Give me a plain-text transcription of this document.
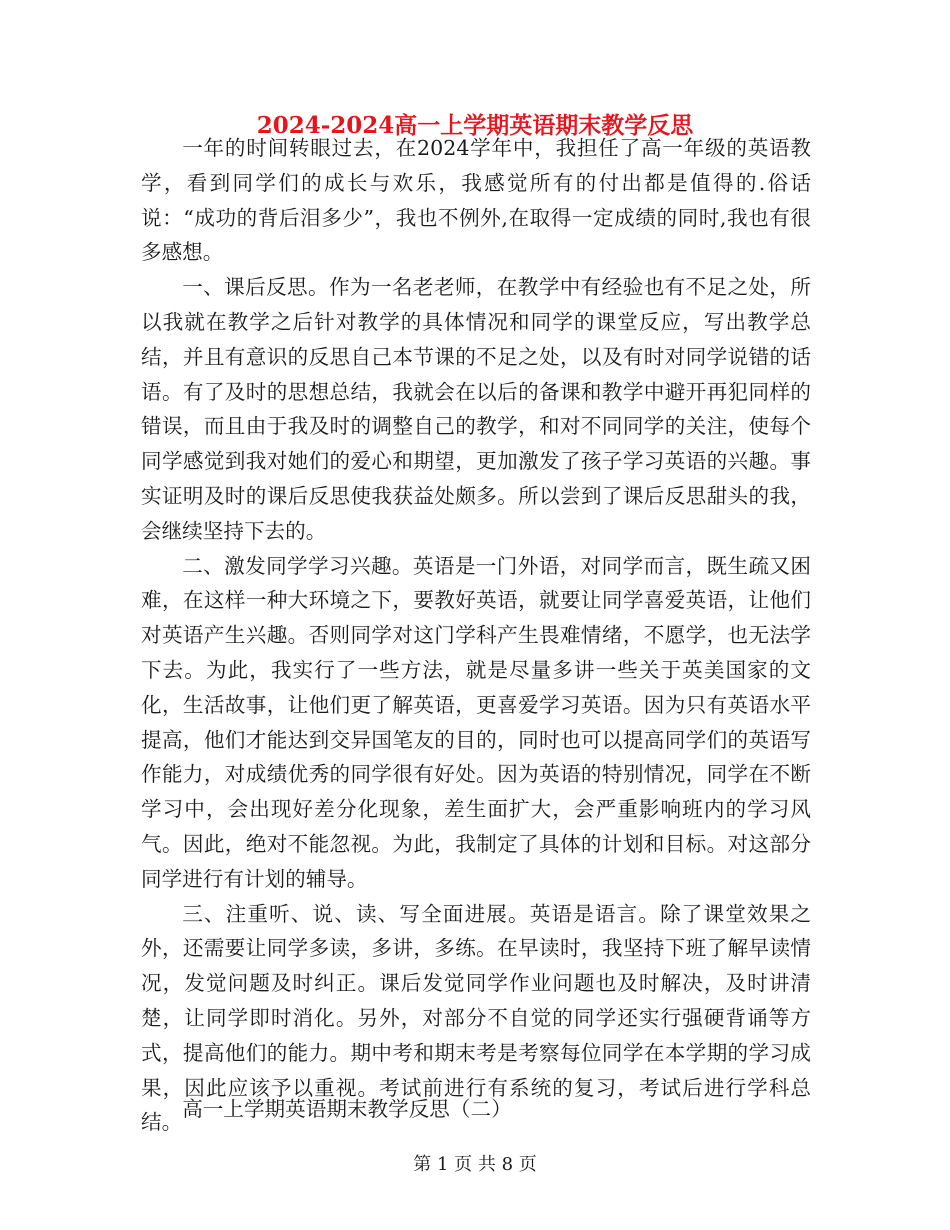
2024-2024高一上学期英语期末教学反思

一年的时间转眼过去，在2024学年中，我担任了高一年级的英语教学，看到同学们的成长与欢乐，我感觉所有的付出都是值得的.俗话说：“成功的背后泪多少”，我也不例外,在取得一定成绩的同时,我也有很多感想。

一、课后反思。作为一名老老师，在教学中有经验也有不足之处，所以我就在教学之后针对教学的具体情况和同学的课堂反应，写出教学总结，并且有意识的反思自己本节课的不足之处，以及有时对同学说错的话语。有了及时的思想总结，我就会在以后的备课和教学中避开再犯同样的错误，而且由于我及时的调整自己的教学，和对不同同学的关注，使每个同学感觉到我对她们的爱心和期望，更加激发了孩子学习英语的兴趣。事实证明及时的课后反思使我获益处颇多。所以尝到了课后反思甜头的我，会继续坚持下去的。

二、激发同学学习兴趣。英语是一门外语，对同学而言，既生疏又困难，在这样一种大环境之下，要教好英语，就要让同学喜爱英语，让他们对英语产生兴趣。否则同学对这门学科产生畏难情绪，不愿学，也无法学下去。为此，我实行了一些方法，就是尽量多讲一些关于英美国家的文化，生活故事，让他们更了解英语，更喜爱学习英语。因为只有英语水平提高，他们才能达到交异国笔友的目的，同时也可以提高同学们的英语写作能力，对成绩优秀的同学很有好处。因为英语的特别情况，同学在不断学习中，会出现好差分化现象，差生面扩大，会严重影响班内的学习风气。因此，绝对不能忽视。为此，我制定了具体的计划和目标。对这部分同学进行有计划的辅导。

三、注重听、说、读、写全面进展。英语是语言。除了课堂效果之外，还需要让同学多读，多讲，多练。在早读时，我坚持下班了解早读情况，发觉问题及时纠正。课后发觉同学作业问题也及时解决，及时讲清楚，让同学即时消化。另外，对部分不自觉的同学还实行强硬背诵等方式，提高他们的能力。期中考和期末考是考察每位同学在本学期的学习成果，因此应该予以重视。考试前进行有系统的复习，考试后进行学科总结。

高一上学期英语期末教学反思（二）
第 1 页 共 8 页
